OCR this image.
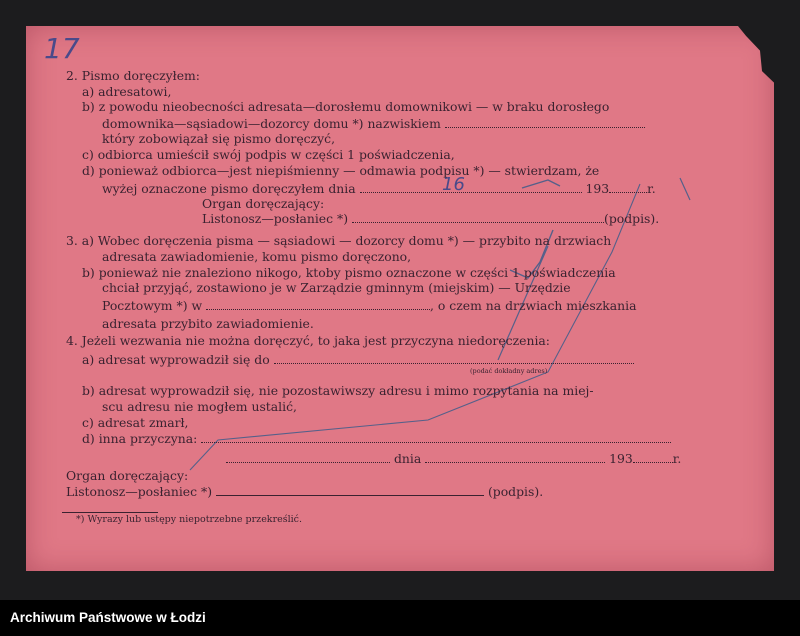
17
16
2. Pismo doręczyłem:
a) adresatowi,
b) z powodu nieobecności adresata—dorosłemu domownikowi — w braku dorosłego
domownika—sąsiadowi—dozorcy domu *) nazwiskiem
który zobowiązał się pismo doręczyć,
c) odbiorca umieścił swój podpis w części 1 poświadczenia,
d) ponieważ odbiorca—jest niepiśmienny — odmawia podpisu *) — stwierdzam, że
wyżej oznaczone pismo doręczyłem dnia	193	r.
Organ doręczający:
Listonosz—posłaniec *)	(podpis).
3. a) Wobec doręczenia pisma — sąsiadowi — dozorcy domu *) — przybito na drzwiach
adresata zawiadomienie, komu pismo doręczono,
b) ponieważ nie znaleziono nikogo, ktoby pismo oznaczone w części 1 poświadczenia
chciał przyjąć, zostawiono je w Zarządzie gminnym (miejskim) — Urzędzie
Pocztowym *) w	, o czem na drzwiach mieszkania
adresata przybito zawiadomienie.
4. Jeżeli wezwania nie można doręczyć, to jaka jest przyczyna niedoręczenia:
a) adresat wyprowadził się do
(podać dokładny adres)
b) adresat wyprowadził się, nie pozostawiwszy adresu i mimo rozpytania na miej-
scu adresu nie mogłem ustalić,
c) adresat zmarł,
d) inna przyczyna:
dnia	193	r.
Organ doręczający:
Listonosz—posłaniec *)	(podpis).
*) Wyrazy lub ustępy niepotrzebne przekreślić.
Archiwum Państwowe w Łodzi
